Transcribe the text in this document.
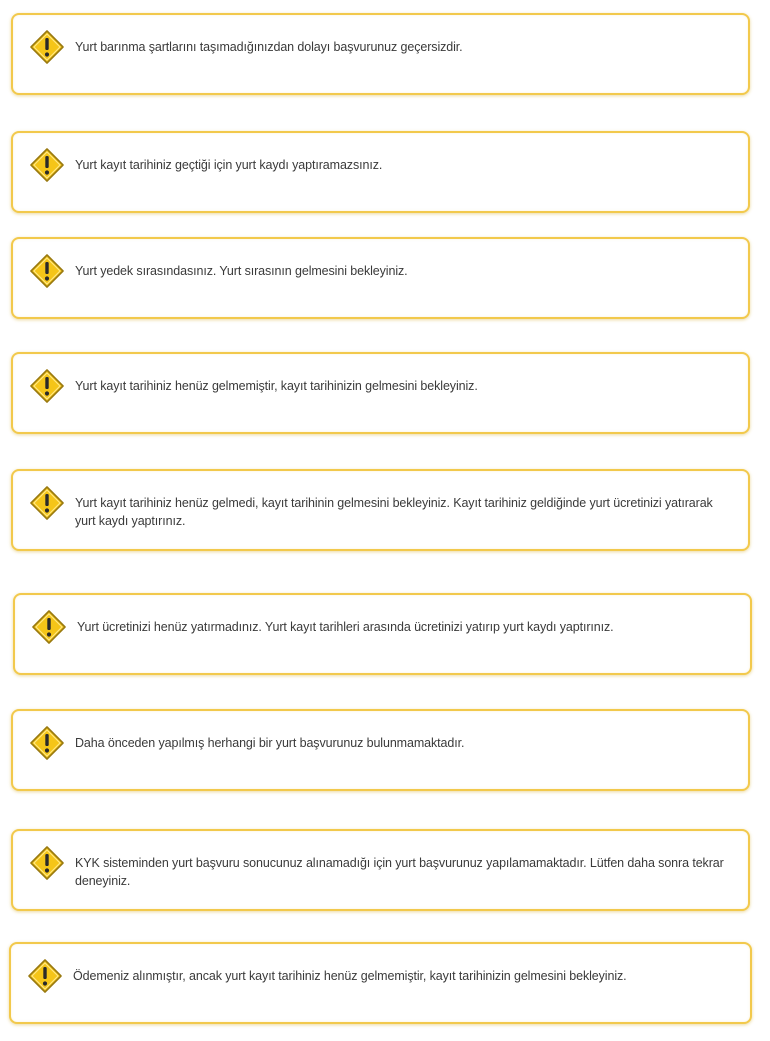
Yurt barınma şartlarını taşımadığınızdan dolayı başvurunuz geçersizdir.
Yurt kayıt tarihiniz geçtiği için yurt kaydı yaptıramazsınız.
Yurt yedek sırasındasınız. Yurt sırasının gelmesini bekleyiniz.
Yurt kayıt tarihiniz henüz gelmemiştir, kayıt tarihinizin gelmesini bekleyiniz.
Yurt kayıt tarihiniz henüz gelmedi, kayıt tarihinin gelmesini bekleyiniz. Kayıt tarihiniz geldiğinde yurt ücretinizi yatırarak yurt kaydı yaptırınız.
Yurt ücretinizi henüz yatırmadınız. Yurt kayıt tarihleri arasında ücretinizi yatırıp yurt kaydı yaptırınız.
Daha önceden yapılmış herhangi bir yurt başvurunuz bulunmamaktadır.
KYK sisteminden yurt başvuru sonucunuz alınamadığı için yurt başvurunuz yapılamamaktadır. Lütfen daha sonra tekrar deneyiniz.
Ödemeniz alınmıştır, ancak yurt kayıt tarihiniz henüz gelmemiştir, kayıt tarihinizin gelmesini bekleyiniz.
